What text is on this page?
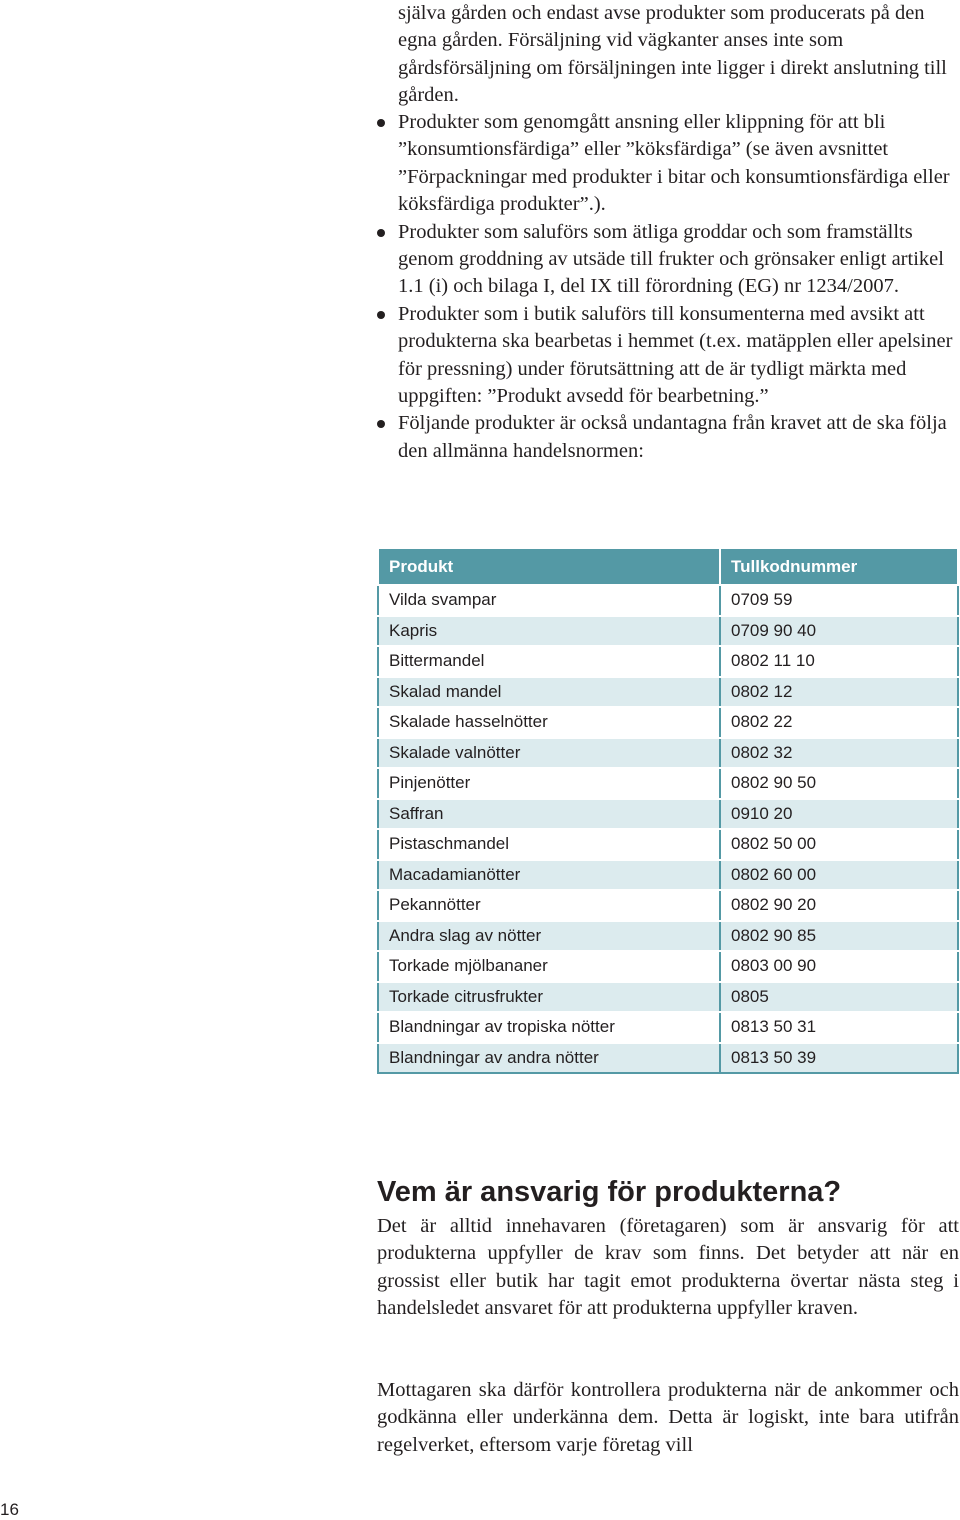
själva gården och endast avse produkter som producerats på den egna gården. Försäljning vid vägkanter anses inte som gårdsförsäljning om försäljningen inte ligger i direkt anslutning till gården.

Produkter som genomgått ansning eller klippning för att bli ”konsumtionsfärdiga” eller ”köksfärdiga” (se även avsnittet ”Förpackningar med produkter i bitar och konsumtionsfärdiga eller köksfärdiga produkter”.).
Produkter som saluförs som ätliga groddar och som framställts genom groddning av utsäde till frukter och grönsaker enligt artikel 1.1 (i) och bilaga I, del IX till förordning (EG) nr 1234/2007.
Produkter som i butik saluförs till konsumenterna med avsikt att produkterna ska bearbetas i hemmet (t.ex. matäpplen eller apelsiner för pressning) under förutsättning att de är tydligt märkta med uppgiften: ”Produkt avsedd för bearbetning.”
Följande produkter är också undantagna från kravet att de ska följa den allmänna handelsnormen:
Produkt	Tullkodnummer
Vilda svampar	0709 59
Kapris	0709 90 40
Bittermandel	0802 11 10
Skalad mandel	0802 12
Skalade hasselnötter	0802 22
Skalade valnötter	0802 32
Pinjenötter	0802 90 50
Saffran	0910 20
Pistaschmandel	0802 50 00
Macadamianötter	0802 60 00
Pekannötter	0802 90 20
Andra slag av nötter	0802 90 85
Torkade mjölbananer	0803 00 90
Torkade citrusfrukter	0805
Blandningar av tropiska nötter	0813 50 31
Blandningar av andra nötter	0813 50 39
Vem är ansvarig för produkterna?

Det är alltid innehavaren (företagaren) som är ansvarig för att produkterna uppfyller de krav som finns. Det betyder att när en grossist eller butik har tagit emot produkterna övertar nästa steg i handelsledet ansvaret för att produkterna uppfyller kraven.

Mottagaren ska därför kontrollera produkterna när de ankommer och godkänna eller underkänna dem. Detta är logiskt, inte bara utifrån regelverket, eftersom varje företag vill

16
